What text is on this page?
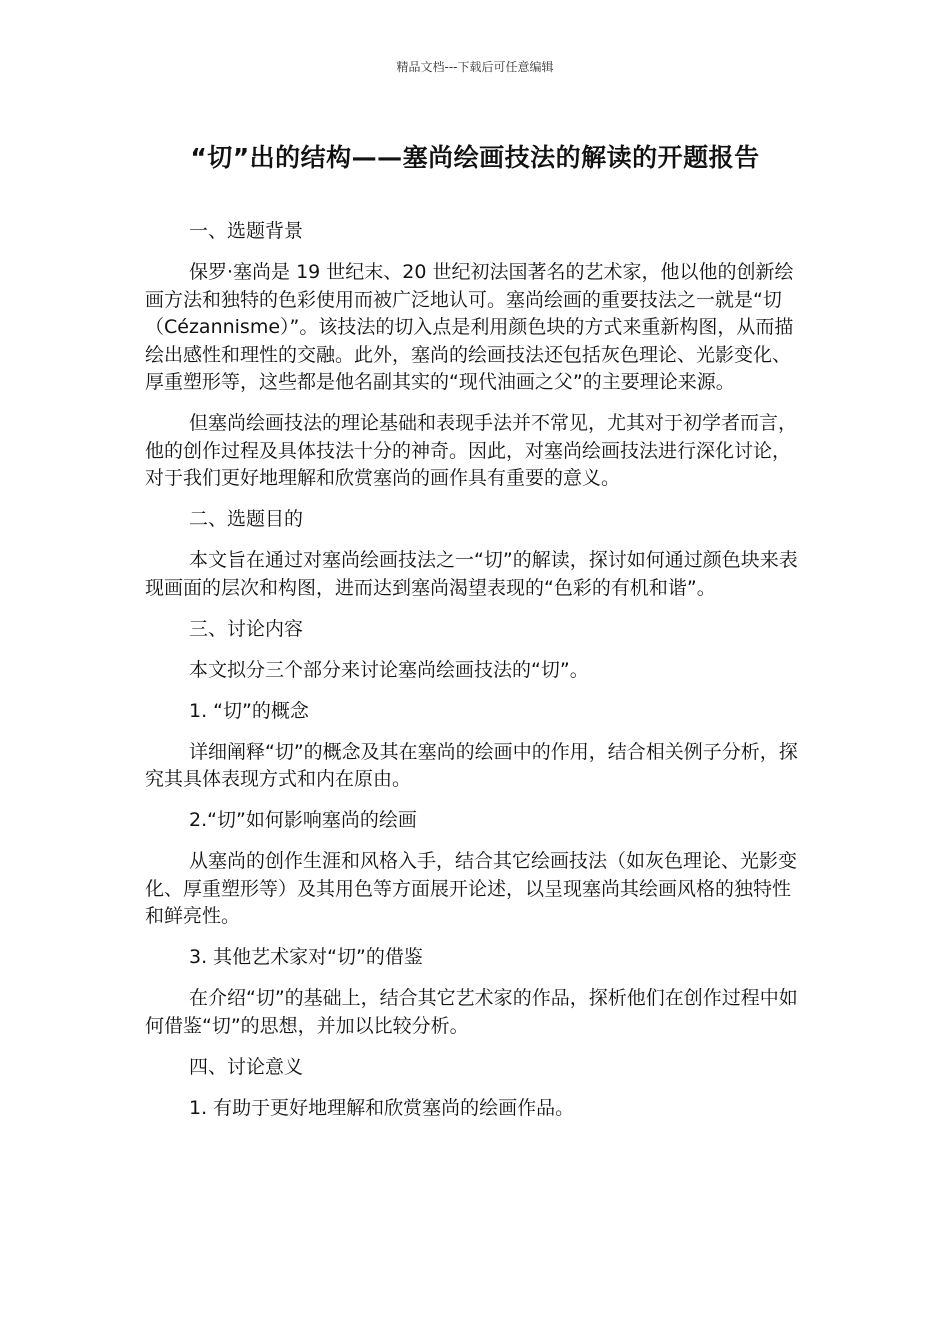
精品文档---下载后可任意编辑
“切”出的结构——塞尚绘画技法的解读的开题报告

一、选题背景

保罗·塞尚是 19 世纪末、20 世纪初法国著名的艺术家，他以他的创新绘画方法和独特的色彩使用而被广泛地认可。塞尚绘画的重要技法之一就是“切（Cézannisme）”。该技法的切入点是利用颜色块的方式来重新构图，从而描绘出感性和理性的交融。此外，塞尚的绘画技法还包括灰色理论、光影变化、厚重塑形等，这些都是他名副其实的“现代油画之父”的主要理论来源。

但塞尚绘画技法的理论基础和表现手法并不常见，尤其对于初学者而言，他的创作过程及具体技法十分的神奇。因此，对塞尚绘画技法进行深化讨论，对于我们更好地理解和欣赏塞尚的画作具有重要的意义。

二、选题目的

本文旨在通过对塞尚绘画技法之一“切”的解读，探讨如何通过颜色块来表现画面的层次和构图，进而达到塞尚渴望表现的“色彩的有机和谐”。

三、讨论内容

本文拟分三个部分来讨论塞尚绘画技法的“切”。

1. “切”的概念

详细阐释“切”的概念及其在塞尚的绘画中的作用，结合相关例子分析，探究其具体表现方式和内在原由。

2.“切”如何影响塞尚的绘画

从塞尚的创作生涯和风格入手，结合其它绘画技法（如灰色理论、光影变化、厚重塑形等）及其用色等方面展开论述，以呈现塞尚其绘画风格的独特性和鲜亮性。

3. 其他艺术家对“切”的借鉴

在介绍“切”的基础上，结合其它艺术家的作品，探析他们在创作过程中如何借鉴“切”的思想，并加以比较分析。

四、讨论意义

1. 有助于更好地理解和欣赏塞尚的绘画作品。
